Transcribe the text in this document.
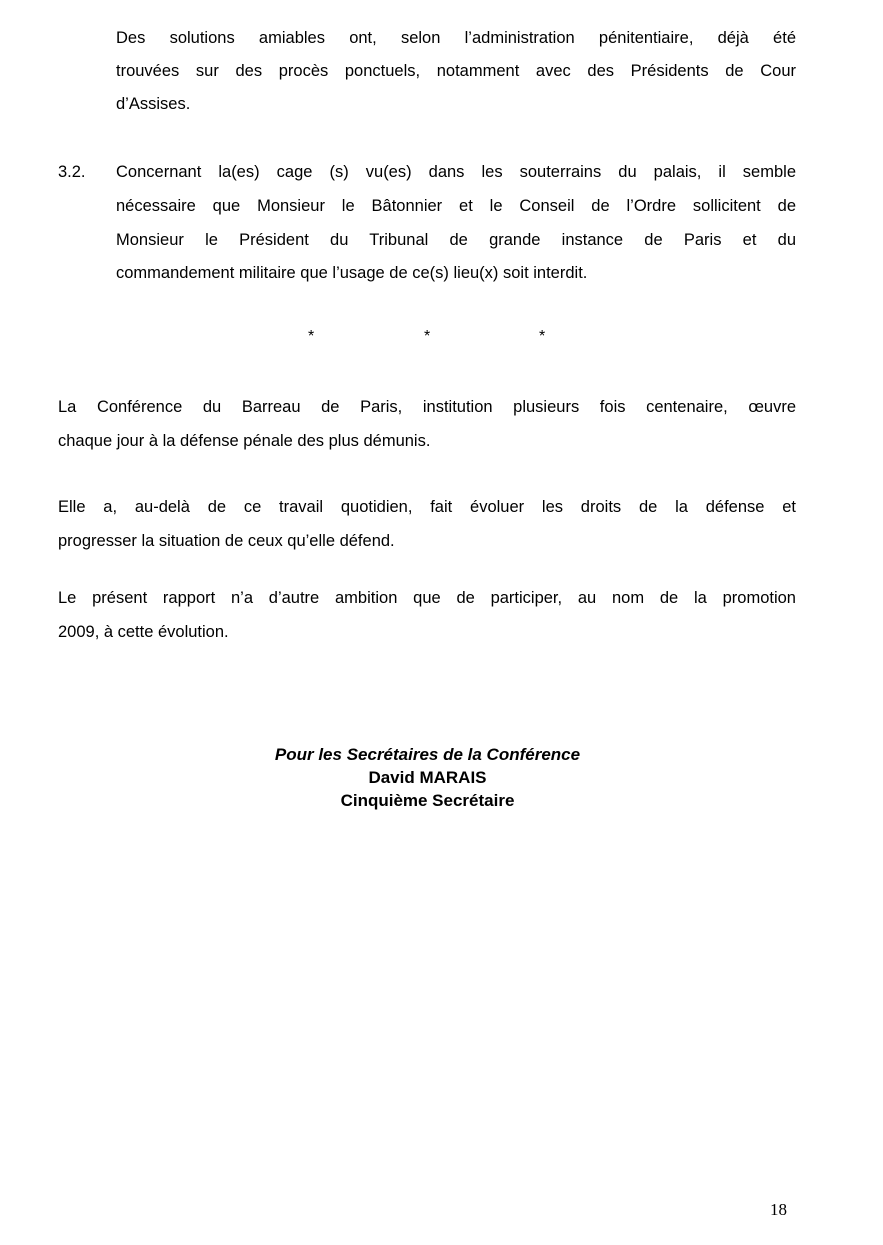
Des solutions amiables ont, selon l’administration pénitentiaire, déjà été
trouvées sur des procès ponctuels, notamment avec des Présidents de Cour
d’Assises.
3.2. Concernant la(es) cage (s) vu(es) dans les souterrains du palais, il semble
nécessaire que Monsieur le Bâtonnier et le Conseil de l’Ordre sollicitent de
Monsieur le Président du Tribunal de grande instance de Paris et du
commandement militaire que l’usage de ce(s) lieu(x) soit interdit.
*	*	*
La Conférence du Barreau de Paris, institution plusieurs fois centenaire, œuvre
chaque jour à la défense pénale des plus démunis.
Elle a, au-delà de ce travail quotidien, fait évoluer les droits de la défense et
progresser la situation de ceux qu’elle défend.
Le présent rapport n’a d’autre ambition que de participer, au nom de la promotion
2009, à cette évolution.
Pour les Secrétaires de la Conférence
David MARAIS
Cinquième Secrétaire
18
